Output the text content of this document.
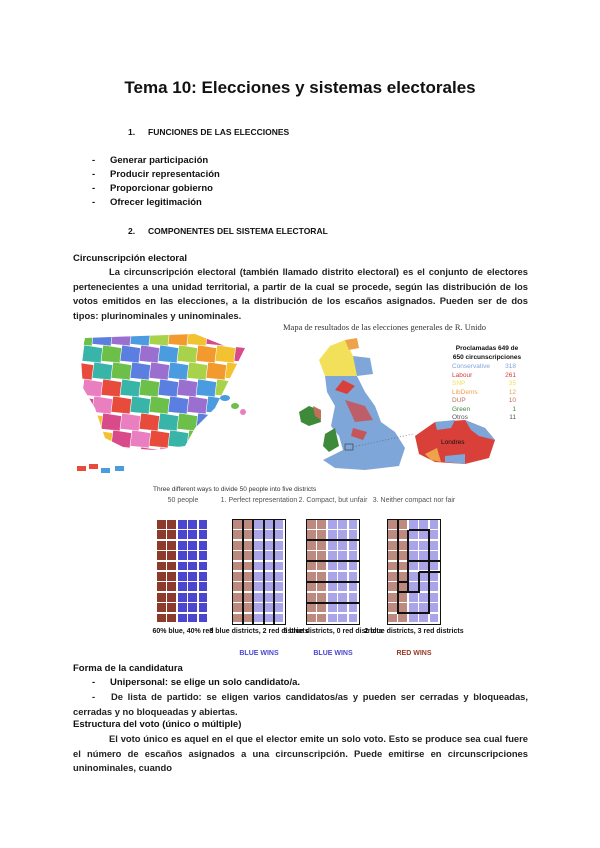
Tema 10: Elecciones y sistemas electorales
1. FUNCIONES DE LAS ELECCIONES
- Generar participación
- Producir representación
- Proporcionar gobierno
- Ofrecer legitimación
2. COMPONENTES DEL SISTEMA ELECTORAL
Circunscripción electoral
La circunscripción electoral (también llamado distrito electoral) es el conjunto de electores pertenecientes a una unidad territorial, a partir de la cual se procede, según las distribución de los votos emitidos en las elecciones, a la distribución de los escaños asignados. Pueden ser de dos tipos: plurinominales y uninominales.
Mapa de resultados de las elecciones generales de R. Unido
Proclamadas 649 de 650 circunscripciones
Conservative 318
Labour	261
SNP	35
LibDems	12
DUP	10
Green	1
Otros	11
Londres
Three different ways to divide 50 people into five districts
50 people
60% blue, 40% red
1. Perfect representation
3 blue districts, 2 red districts
BLUE WINS
2. Compact, but unfair
5 blue districts, 0 red districts
BLUE WINS
3. Neither compact nor fair
2 blue districts, 3 red districts
RED WINS
Forma de la candidatura
- Unipersonal: se elige un solo candidato/a.
- De lista de partido: se eligen varios candidatos/as y pueden ser cerradas y bloqueadas, cerradas y no bloqueadas y abiertas.
Estructura del voto (único o múltiple)
El voto único es aquel en el que el elector emite un solo voto. Esto se produce sea cual fuere el número de escaños asignados a una circunscripción. Puede emitirse en circunscripciones uninominales, cuando
